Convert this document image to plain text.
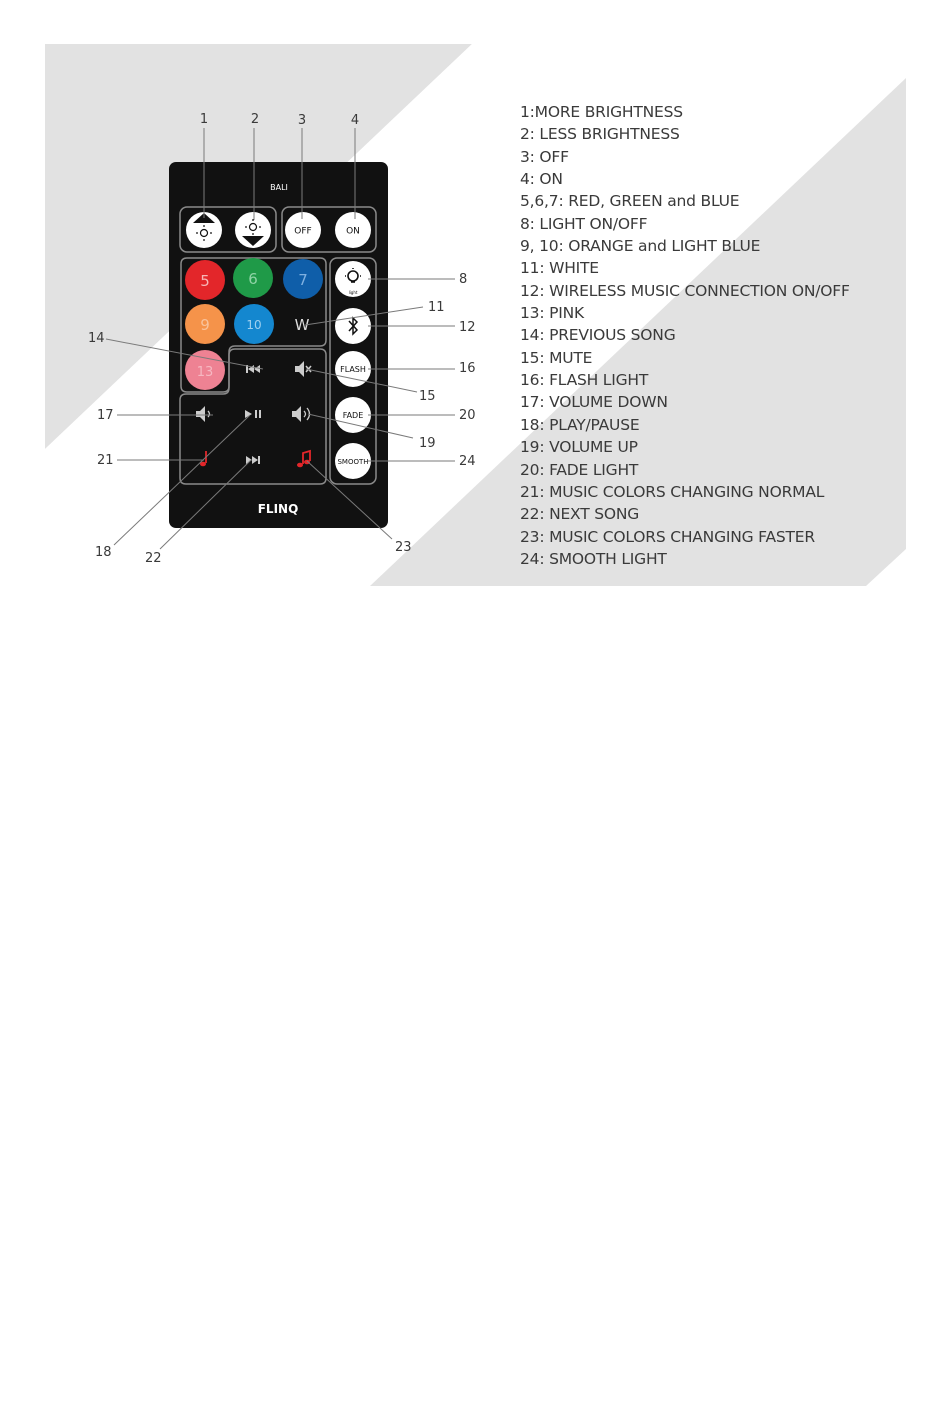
BALI
FLINQ
OFF	ON
5	6	7
9	10 W
13
light
FLASH
FADE
SMOOTH
1	2	3	4
8
11
12
14
15
16
17
19
20
21	24
18	22
23
1:MORE BRIGHTNESS
2: LESS BRIGHTNESS
3: OFF
4: ON
5,6,7: RED, GREEN and BLUE
8: LIGHT ON/OFF
9, 10: ORANGE and LIGHT BLUE
11: WHITE
12: WIRELESS MUSIC CONNECTION ON/OFF
13: PINK
14: PREVIOUS SONG
15: MUTE
16: FLASH LIGHT
17: VOLUME DOWN
18: PLAY/PAUSE
19: VOLUME UP
20: FADE LIGHT
21: MUSIC COLORS CHANGING NORMAL
22: NEXT SONG
23: MUSIC COLORS CHANGING FASTER
24: SMOOTH LIGHT
